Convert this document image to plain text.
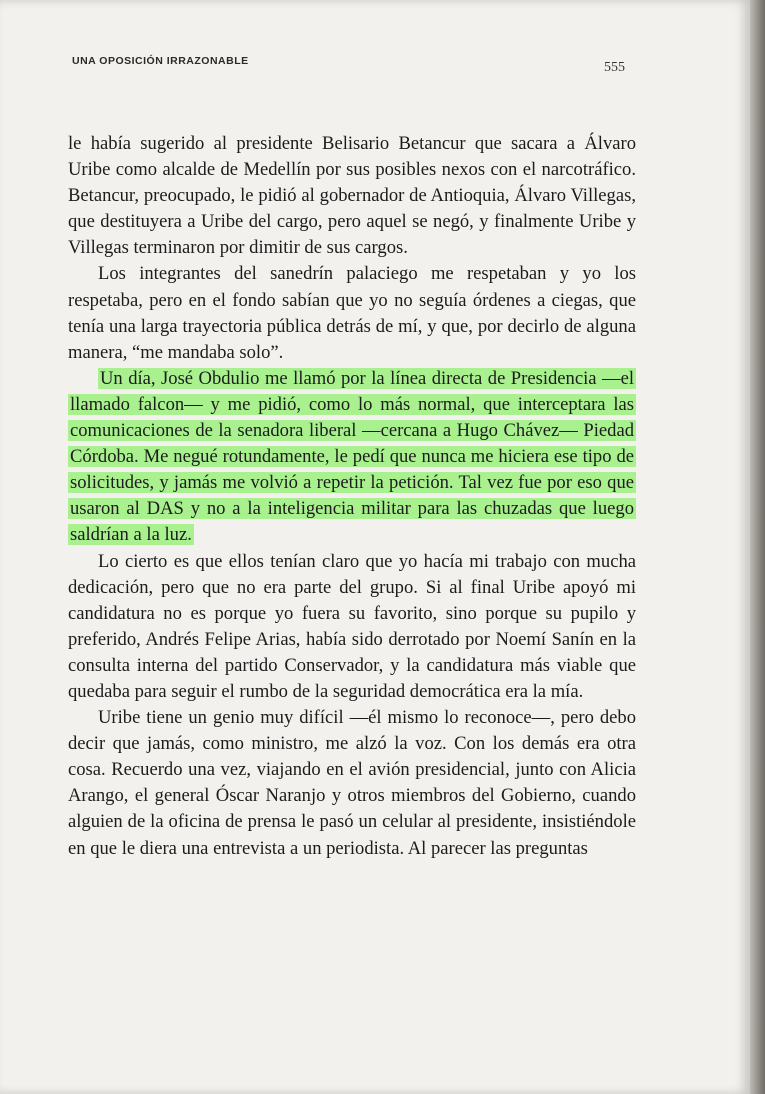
UNA OPOSICIÓN IRRAZONABLE	555

le había sugerido al presidente Belisario Betancur que sacara a Álvaro Uribe como alcalde de Medellín por sus posibles nexos con el narcotráfico. Betancur, preocupado, le pidió al gobernador de Antioquia, Álvaro Villegas, que destituyera a Uribe del cargo, pero aquel se negó, y finalmente Uribe y Villegas terminaron por dimitir de sus cargos.

Los integrantes del sanedrín palaciego me respetaban y yo los respetaba, pero en el fondo sabían que yo no seguía órdenes a ciegas, que tenía una larga trayectoria pública detrás de mí, y que, por decirlo de alguna manera, “me mandaba solo”.

Un día, José Obdulio me llamó por la línea directa de Presidencia —el llamado falcon— y me pidió, como lo más normal, que interceptara las comunicaciones de la senadora liberal —cercana a Hugo Chávez— Piedad Córdoba. Me negué rotundamente, le pedí que nunca me hiciera ese tipo de solicitudes, y jamás me volvió a repetir la petición. Tal vez fue por eso que usaron al DAS y no a la inteligencia militar para las chuzadas que luego saldrían a la luz.

Lo cierto es que ellos tenían claro que yo hacía mi trabajo con mucha dedicación, pero que no era parte del grupo. Si al final Uribe apoyó mi candidatura no es porque yo fuera su favorito, sino porque su pupilo y preferido, Andrés Felipe Arias, había sido derrotado por Noemí Sanín en la consulta interna del partido Conservador, y la candidatura más viable que quedaba para seguir el rumbo de la seguridad democrática era la mía.

Uribe tiene un genio muy difícil —él mismo lo reconoce—, pero debo decir que jamás, como ministro, me alzó la voz. Con los demás era otra cosa. Recuerdo una vez, viajando en el avión presidencial, junto con Alicia Arango, el general Óscar Naranjo y otros miembros del Gobierno, cuando alguien de la oficina de prensa le pasó un celular al presidente, insistiéndole en que le diera una entrevista a un periodista. Al parecer las preguntas
